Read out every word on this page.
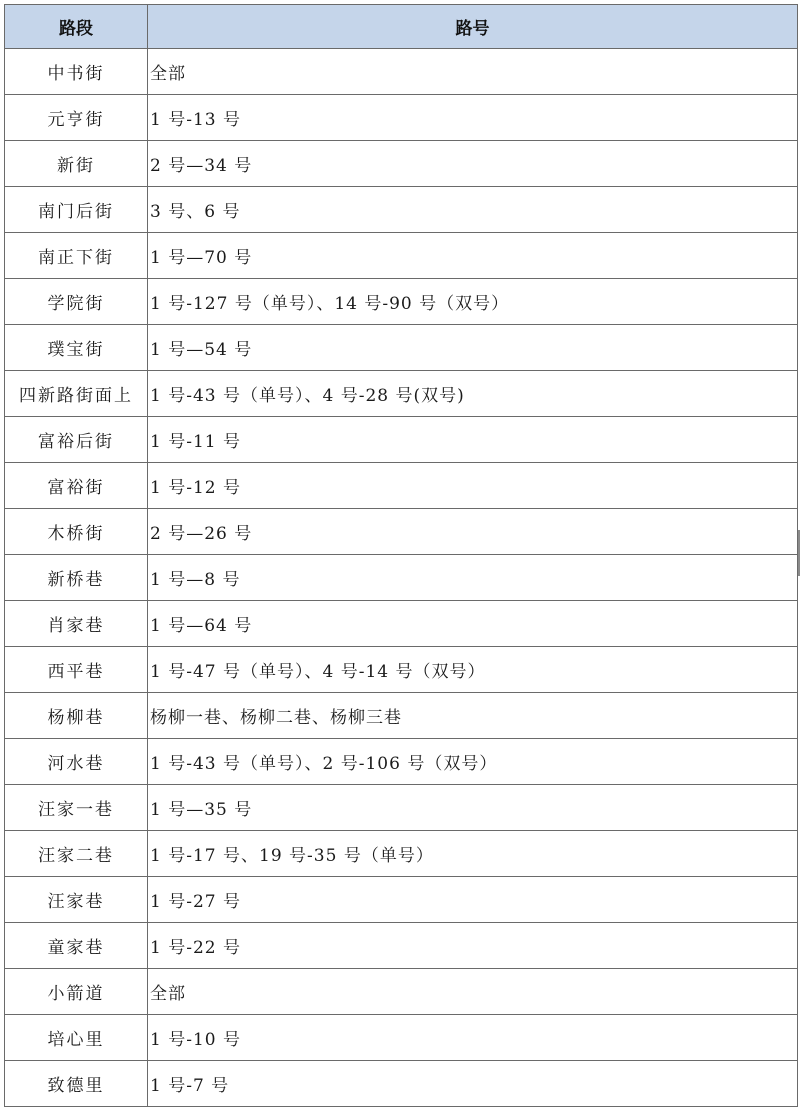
路段	路号
中书街	全部
元亨街	1 号-13 号
新街	2 号—34 号
南门后街	3 号、6 号
南正下街	1 号—70 号
学院街	1 号-127 号（单号）、14 号-90 号（双号）
璞宝街	1 号—54 号
四新路街面上	1 号-43 号（单号）、4 号-28 号(双号)
富裕后街	1 号-11 号
富裕街	1 号-12 号
木桥街	2 号—26 号
新桥巷	1 号—8 号
肖家巷	1 号—64 号
西平巷	1 号-47 号（单号）、4 号-14 号（双号）
杨柳巷	杨柳一巷、杨柳二巷、杨柳三巷
河水巷	1 号-43 号（单号）、2 号-106 号（双号）
汪家一巷	1 号—35 号
汪家二巷	1 号-17 号、19 号-35 号（单号）
汪家巷	1 号-27 号
童家巷	1 号-22 号
小箭道	全部
培心里	1 号-10 号
致德里	1 号-7 号
